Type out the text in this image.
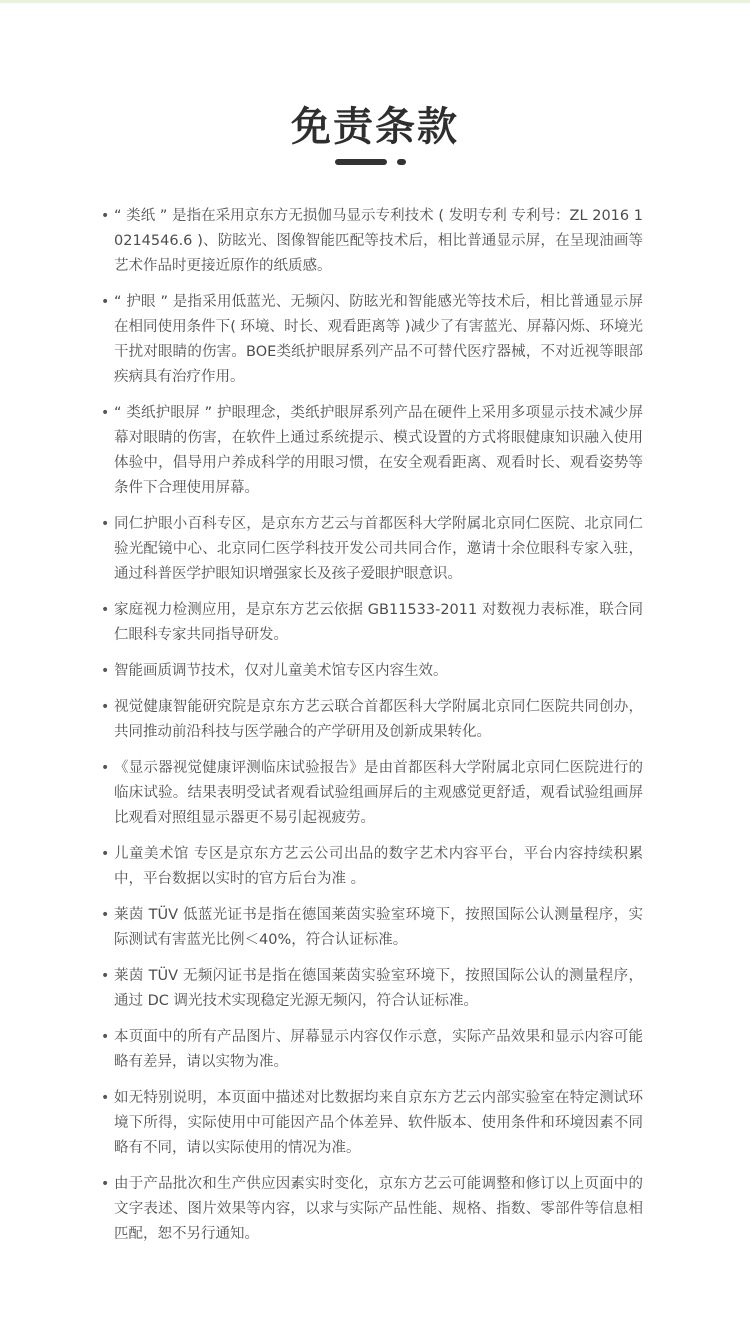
免责条款
• “ 类纸 ” 是指在采用京东方无损伽马显示专利技术 ( 发明专利 专利号：ZL 2016 1 0214546.6 )、防眩光、图像智能匹配等技术后，相比普通显示屏，在呈现油画等艺术作品时更接近原作的纸质感。
• “ 护眼 ” 是指采用低蓝光、无频闪、防眩光和智能感光等技术后，相比普通显示屏在相同使用条件下( 环境、时长、观看距离等 )减少了有害蓝光、屏幕闪烁、环境光干扰对眼睛的伤害。BOE类纸护眼屏系列产品不可替代医疗器械，不对近视等眼部疾病具有治疗作用。
• “ 类纸护眼屏 ” 护眼理念，类纸护眼屏系列产品在硬件上采用多项显示技术减少屏幕对眼睛的伤害，在软件上通过系统提示、模式设置的方式将眼健康知识融入使用体验中，倡导用户养成科学的用眼习惯，在安全观看距离、观看时长、观看姿势等条件下合理使用屏幕。
• 同仁护眼小百科专区，是京东方艺云与首都医科大学附属北京同仁医院、北京同仁验光配镜中心、北京同仁医学科技开发公司共同合作，邀请十余位眼科专家入驻，通过科普医学护眼知识增强家长及孩子爱眼护眼意识。
• 家庭视力检测应用，是京东方艺云依据 GB11533-2011 对数视力表标准，联合同仁眼科专家共同指导研发。
• 智能画质调节技术，仅对儿童美术馆专区内容生效。
• 视觉健康智能研究院是京东方艺云联合首都医科大学附属北京同仁医院共同创办，共同推动前沿科技与医学融合的产学研用及创新成果转化。
• 《显示器视觉健康评测临床试验报告》是由首都医科大学附属北京同仁医院进行的临床试验。结果表明受试者观看试验组画屏后的主观感觉更舒适，观看试验组画屏比观看对照组显示器更不易引起视疲劳。
• 儿童美术馆 专区是京东方艺云公司出品的数字艺术内容平台，平台内容持续积累中，平台数据以实时的官方后台为准 。
• 莱茵 TÜV 低蓝光证书是指在德国莱茵实验室环境下，按照国际公认测量程序，实际测试有害蓝光比例＜40%，符合认证标准。
• 莱茵 TÜV 无频闪证书是指在德国莱茵实验室环境下，按照国际公认的测量程序，通过 DC 调光技术实现稳定光源无频闪，符合认证标准。
• 本页面中的所有产品图片、屏幕显示内容仅作示意，实际产品效果和显示内容可能略有差异，请以实物为准。
• 如无特别说明，本页面中描述对比数据均来自京东方艺云内部实验室在特定测试环境下所得，实际使用中可能因产品个体差异、软件版本、使用条件和环境因素不同略有不同，请以实际使用的情况为准。
• 由于产品批次和生产供应因素实时变化，京东方艺云可能调整和修订以上页面中的文字表述、图片效果等内容，以求与实际产品性能、规格、指数、零部件等信息相匹配，恕不另行通知。
